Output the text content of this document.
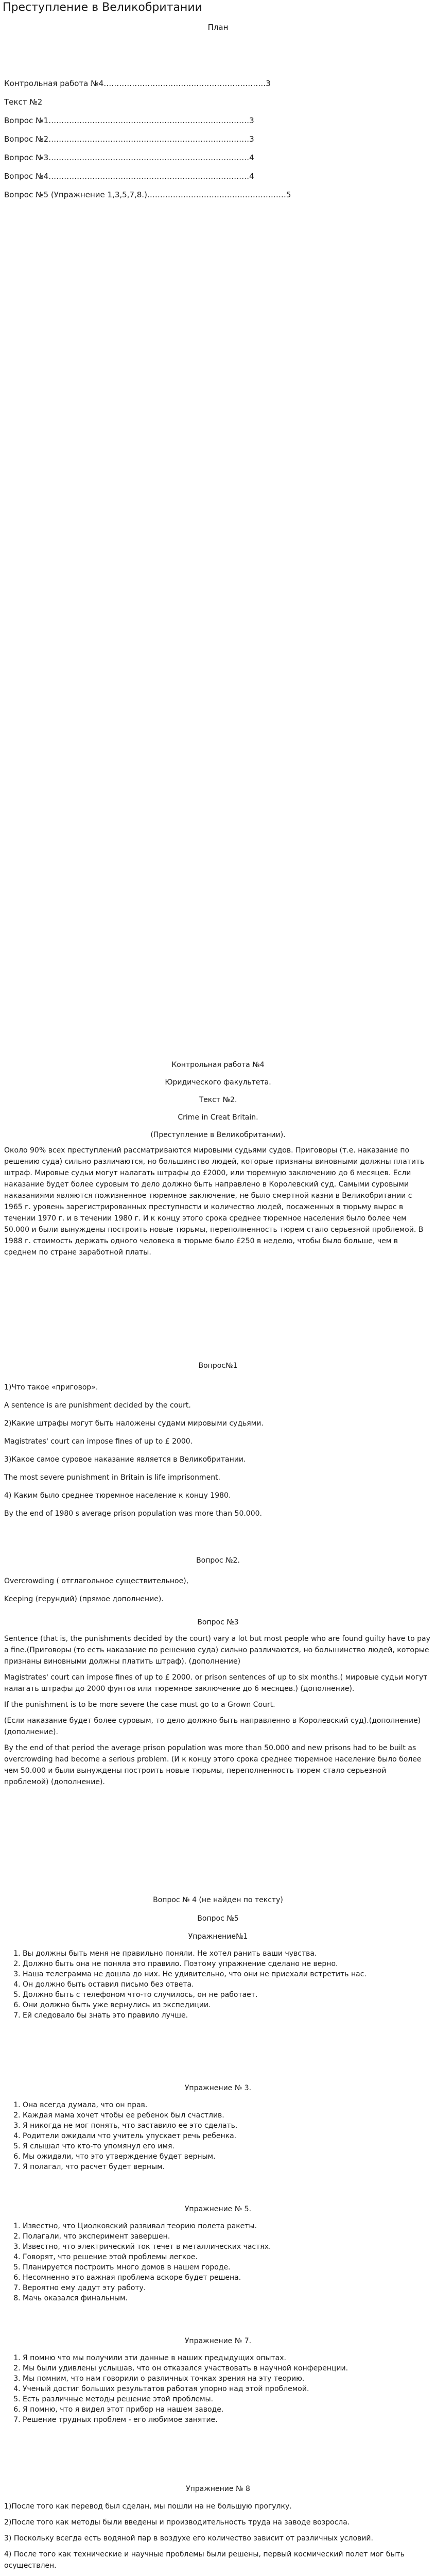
Преступление в Великобритании
План
Контрольная работа №4………………………………………………………3
Текст №2
Вопрос №1……………………………………………………………………3
Вопрос №2……………………………………………………………………3
Вопрос №3……………………………………………………………………4
Вопрос №4……………………………………………………………………4
Вопрос №5 (Упражнение 1,3,5,7,8.)………………………………………………5
Контрольная работа №4
Юридического факультета.
Текст №2.
Crime in Creat Britain.
(Преступление в Великобритании).

Около 90% всех преступлений рассматриваются мировыми судьями судов. Приговоры (т.е. наказание по решению суда) сильно различаются, но большинство людей, которые признаны виновными должны платить штраф. Мировые судьи могут налагать штрафы до £2000, или тюремную заключению до 6 месяцев. Если наказание будет более суровым то дело должно быть направлено в Королевский суд. Самыми суровыми наказаниями являются пожизненное тюремное заключение, не было смертной казни в Великобритании с 1965 г. уровень зарегистрированных преступности и количество людей, посаженных в тюрьму вырос в течении 1970 г. и в течении 1980 г. И к концу этого срока среднее тюремное населения было более чем 50.000 и были вынуждены построить новые тюрьмы, переполненность тюрем стало серьезной проблемой. В 1988 г. стоимость держать одного человека в тюрьме было £250 в неделю, чтобы было больше, чем в среднем по стране заработной платы.

Вопрос№1
1)Что такое «приговор».
A sentence is are punishment decided by the court.
2)Какие штрафы могут быть наложены судами мировыми судьями.
Magistrates' court can impose fines of up to £ 2000.
3)Какое самое суровое наказание является в Великобритании.
The most severe punishment in Britain is life imprisonment.
4) Каким было среднее тюремное население к концу 1980.
By the end of 1980 s average prison population was more than 50.000.
Вопрос №2.
Overcrowding ( отглагольное существительное),
Keeping (герундий) (прямое дополнение).
Вопрос №3

Sentence (that is, the punishments decided by the court) vary a lot but most people who are found guilty have to pay a fine.(Приговоры (то есть наказание по решению суда) сильно различаются, но большинство людей, которые признаны виновными должны платить штраф). (дополнение)

Magistrates' court can impose fines of up to £ 2000. or prison sentences of up to six months.( мировые судьи могут налагать штрафы до 2000 фунтов или тюремное заключение до 6 месяцев.) (дополнение).

If the punishment is to be more severe the case must go to a Grown Court.

(Если наказание будет более суровым, то дело должно быть направленно в Королевский суд).(дополнение) (дополнение).

By the end of that period the average prison population was more than 50.000 and new prisons had to be built as overcrowding had become a serious problem. (И к концу этого срока среднее тюремное население было более чем 50.000 и были вынуждены построить новые тюрьмы, переполненность тюрем стало серьезной проблемой) (дополнение).

Вопрос № 4 (не найден по тексту)
Вопрос №5
Упражнение№1
1. Вы должны быть меня не правильно поняли. Не хотел ранить ваши чувства.
2. Должно быть она не поняла это правило. Поэтому упражнение сделано не верно.
3. Наша телеграмма не дошла до них. Не удивительно, что они не приехали встретить нас.
4. Он должно быть оставил письмо без ответа.
5. Должно быть с телефоном что-то случилось, он не работает.
6. Они должно быть уже вернулись из экспедиции.
7. Ей следовало бы знать это правило лучше.
Упражнение № 3.
1. Она всегда думала, что он прав.
2. Каждая мама хочет чтобы ее ребенок был счастлив.
3. Я никогда не мог понять, что заставило ее это сделать.
4. Родители ожидали что учитель упускает речь ребенка.
5. Я слышал что кто-то упомянул его имя.
6. Мы ожидали, что это утверждение будет верным.
7. Я полагал, что расчет будет верным.
Упражнение № 5.
1. Известно, что Циолковский развивал теорию полета ракеты.
2. Полагали, что эксперимент завершен.
3. Известно, что электрический ток течет в металлических частях.
4. Говорят, что решение этой проблемы легкое.
5. Планируется построить много домов в нашем городе.
6. Несомненно это важная проблема вскоре будет решена.
7. Вероятно ему дадут эту работу.
8. Мачь оказался финальным.
Упражнение № 7.
1. Я помню что мы получили эти данные в наших предыдущих опытах.
2. Мы были удивлены услышав, что он отказался участвовать в научной конференции.
3. Мы помним, что нам говорили о различных точках зрения на эту теорию.
4. Ученый достиг больших результатов работая упорно над этой проблемой.
5. Есть различные методы решение этой проблемы.
6. Я помню, что я видел этот прибор на нашем заводе.
7. Решение трудных проблем - его любимое занятие.
Упражнение № 8

1)После того как перевод был сделан, мы пошли на не большую прогулку.

2)После того как методы были введены и производительность труда на заводе возросла.

3) Поскольку всегда есть водяной пар в воздухе его количество зависит от различных условий.

4) После того как технические и научные проблемы были решены, первый космический полет мог быть осуществлен.
